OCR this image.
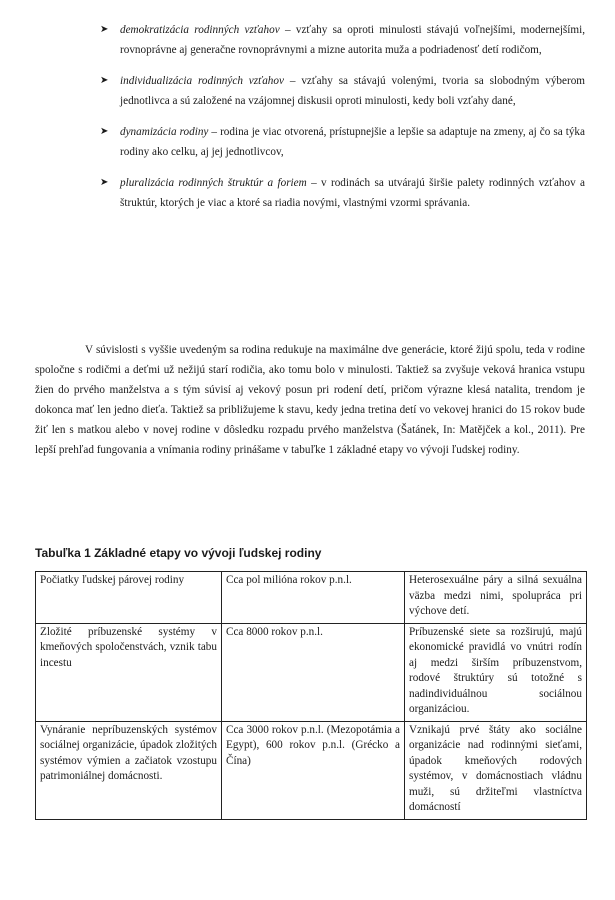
➤ demokratizácia rodinných vzťahov – vzťahy sa oproti minulosti stávajú voľnejšími, modernejšími, rovnoprávne aj generačne rovnoprávnymi a mizne autorita muža a podriadenosť detí rodičom,
➤ individualizácia rodinných vzťahov – vzťahy sa stávajú volenými, tvoria sa slobodným výberom jednotlivca a sú založené na vzájomnej diskusii oproti minulosti, kedy boli vzťahy dané,
➤ dynamizácia rodiny – rodina je viac otvorená, prístupnejšie a lepšie sa adaptuje na zmeny, aj čo sa týka rodiny ako celku, aj jej jednotlivcov,
➤ pluralizácia rodinných štruktúr a foriem – v rodinách sa utvárajú širšie palety rodinných vzťahov a štruktúr, ktorých je viac a ktoré sa riadia novými, vlastnými vzormi správania.

V súvislosti s vyššie uvedeným sa rodina redukuje na maximálne dve generácie, ktoré žijú spolu, teda v rodine spoločne s rodičmi a deťmi už nežijú starí rodičia, ako tomu bolo v minulosti. Taktiež sa zvyšuje veková hranica vstupu žien do prvého manželstva a s tým súvisí aj vekový posun pri rodení detí, pričom výrazne klesá natalita, trendom je dokonca mať len jedno dieťa. Taktiež sa približujeme k stavu, kedy jedna tretina detí vo vekovej hranici do 15 rokov bude žiť len s matkou alebo v novej rodine v dôsledku rozpadu prvého manželstva (Šatánek, In: Matějček a kol., 2011). Pre lepší prehľad fungovania a vnímania rodiny prinášame v tabuľke 1 základné etapy vo vývoji ľudskej rodiny.

Tabuľka 1 Základné etapy vo vývoji ľudskej rodiny
Počiatky ľudskej párovej rodiny	Cca pol milióna rokov p.n.l.	Heterosexuálne páry a silná sexuálna väzba medzi nimi, spolupráca pri výchove detí.
Zložité príbuzenské systémy v kmeňových spoločenstvách, vznik tabu incestu	Cca 8000 rokov p.n.l.	Príbuzenské siete sa rozširujú, majú ekonomické pravidlá vo vnútri rodín aj medzi širším príbuzenstvom, rodové štruktúry sú totožné s nadindividuálnou sociálnou organizáciou.
Vynáranie nepríbuzenských systémov sociálnej organizácie, úpadok zložitých systémov výmien a začiatok vzostupu patrimoniálnej domácnosti.	Cca 3000 rokov p.n.l. (Mezopotámia a Egypt), 600 rokov p.n.l. (Grécko a Čína)	Vznikajú prvé štáty ako sociálne organizácie nad rodinnými sieťami, úpadok kmeňových rodových systémov, v domácnostiach vládnu muži, sú držiteľmi vlastníctva domácností
